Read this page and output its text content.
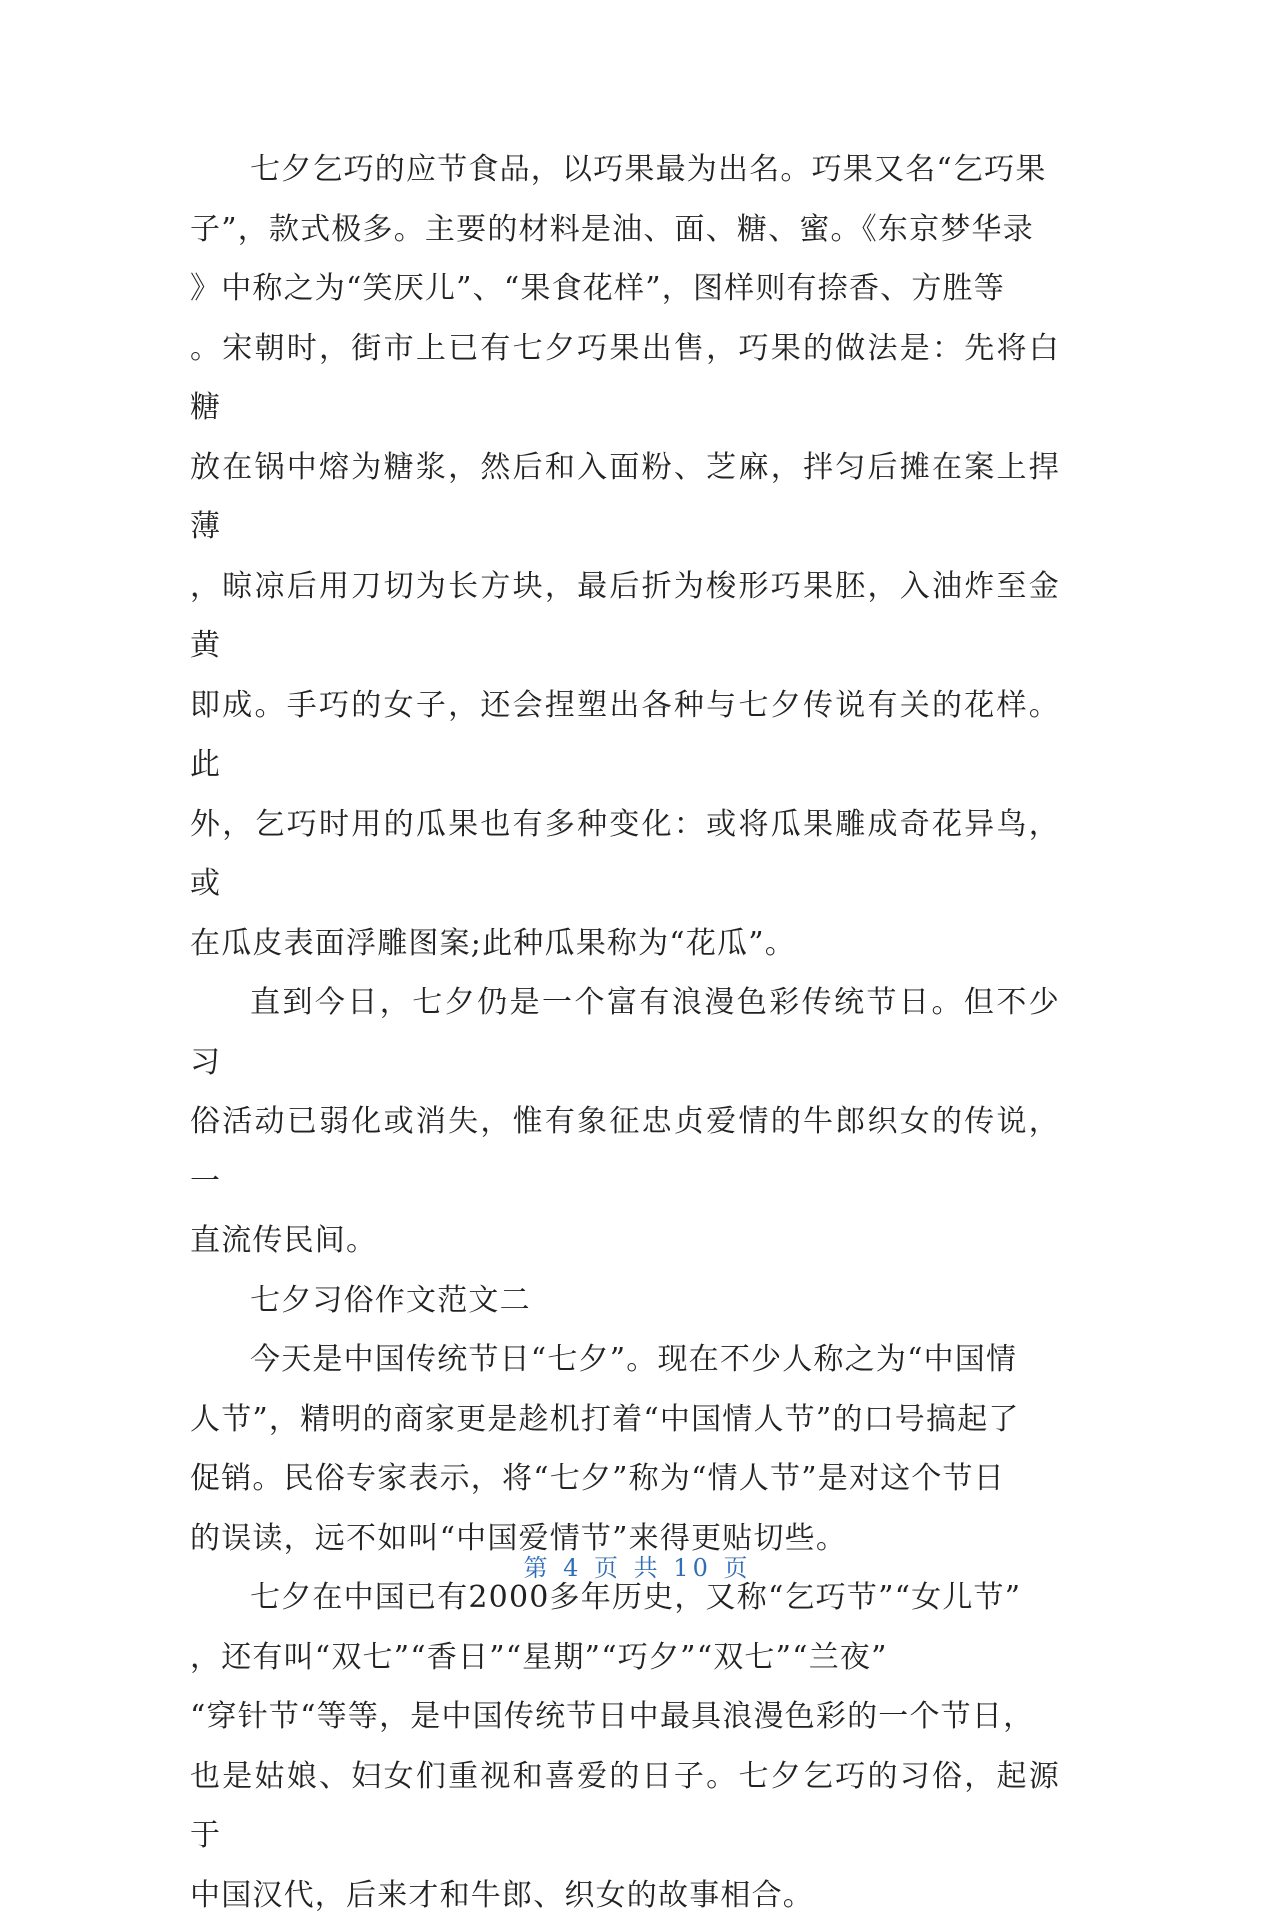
七夕乞巧的应节食品，以巧果最为出名。巧果又名“乞巧果
子”，款式极多。主要的材料是油、面、糖、蜜。《东京梦华录
》中称之为“笑厌儿”、“果食花样”，图样则有捺香、方胜等
。宋朝时，街市上已有七夕巧果出售，巧果的做法是：先将白糖
放在锅中熔为糖浆，然后和入面粉、芝麻，拌匀后摊在案上捍薄
，晾凉后用刀切为长方块，最后折为梭形巧果胚，入油炸至金黄
即成。手巧的女子，还会捏塑出各种与七夕传说有关的花样。此
外，乞巧时用的瓜果也有多种变化：或将瓜果雕成奇花异鸟，或
在瓜皮表面浮雕图案;此种瓜果称为“花瓜”。

直到今日，七夕仍是一个富有浪漫色彩传统节日。但不少习
俗活动已弱化或消失，惟有象征忠贞爱情的牛郎织女的传说，一
直流传民间。

七夕习俗作文范文二

今天是中国传统节日“七夕”。现在不少人称之为“中国情
人节”，精明的商家更是趁机打着“中国情人节”的口号搞起了
促销。民俗专家表示，将“七夕”称为“情人节”是对这个节日
的误读，远不如叫“中国爱情节”来得更贴切些。

七夕在中国已有2000多年历史，又称“乞巧节”“女儿节”
，还有叫“双七”“香日”“星期”“巧夕”“双七”“兰夜”
“穿针节“等等，是中国传统节日中最具浪漫色彩的一个节日，
也是姑娘、妇女们重视和喜爱的日子。七夕乞巧的习俗，起源于
中国汉代，后来才和牛郎、织女的故事相合。

第 4 页 共 10 页
